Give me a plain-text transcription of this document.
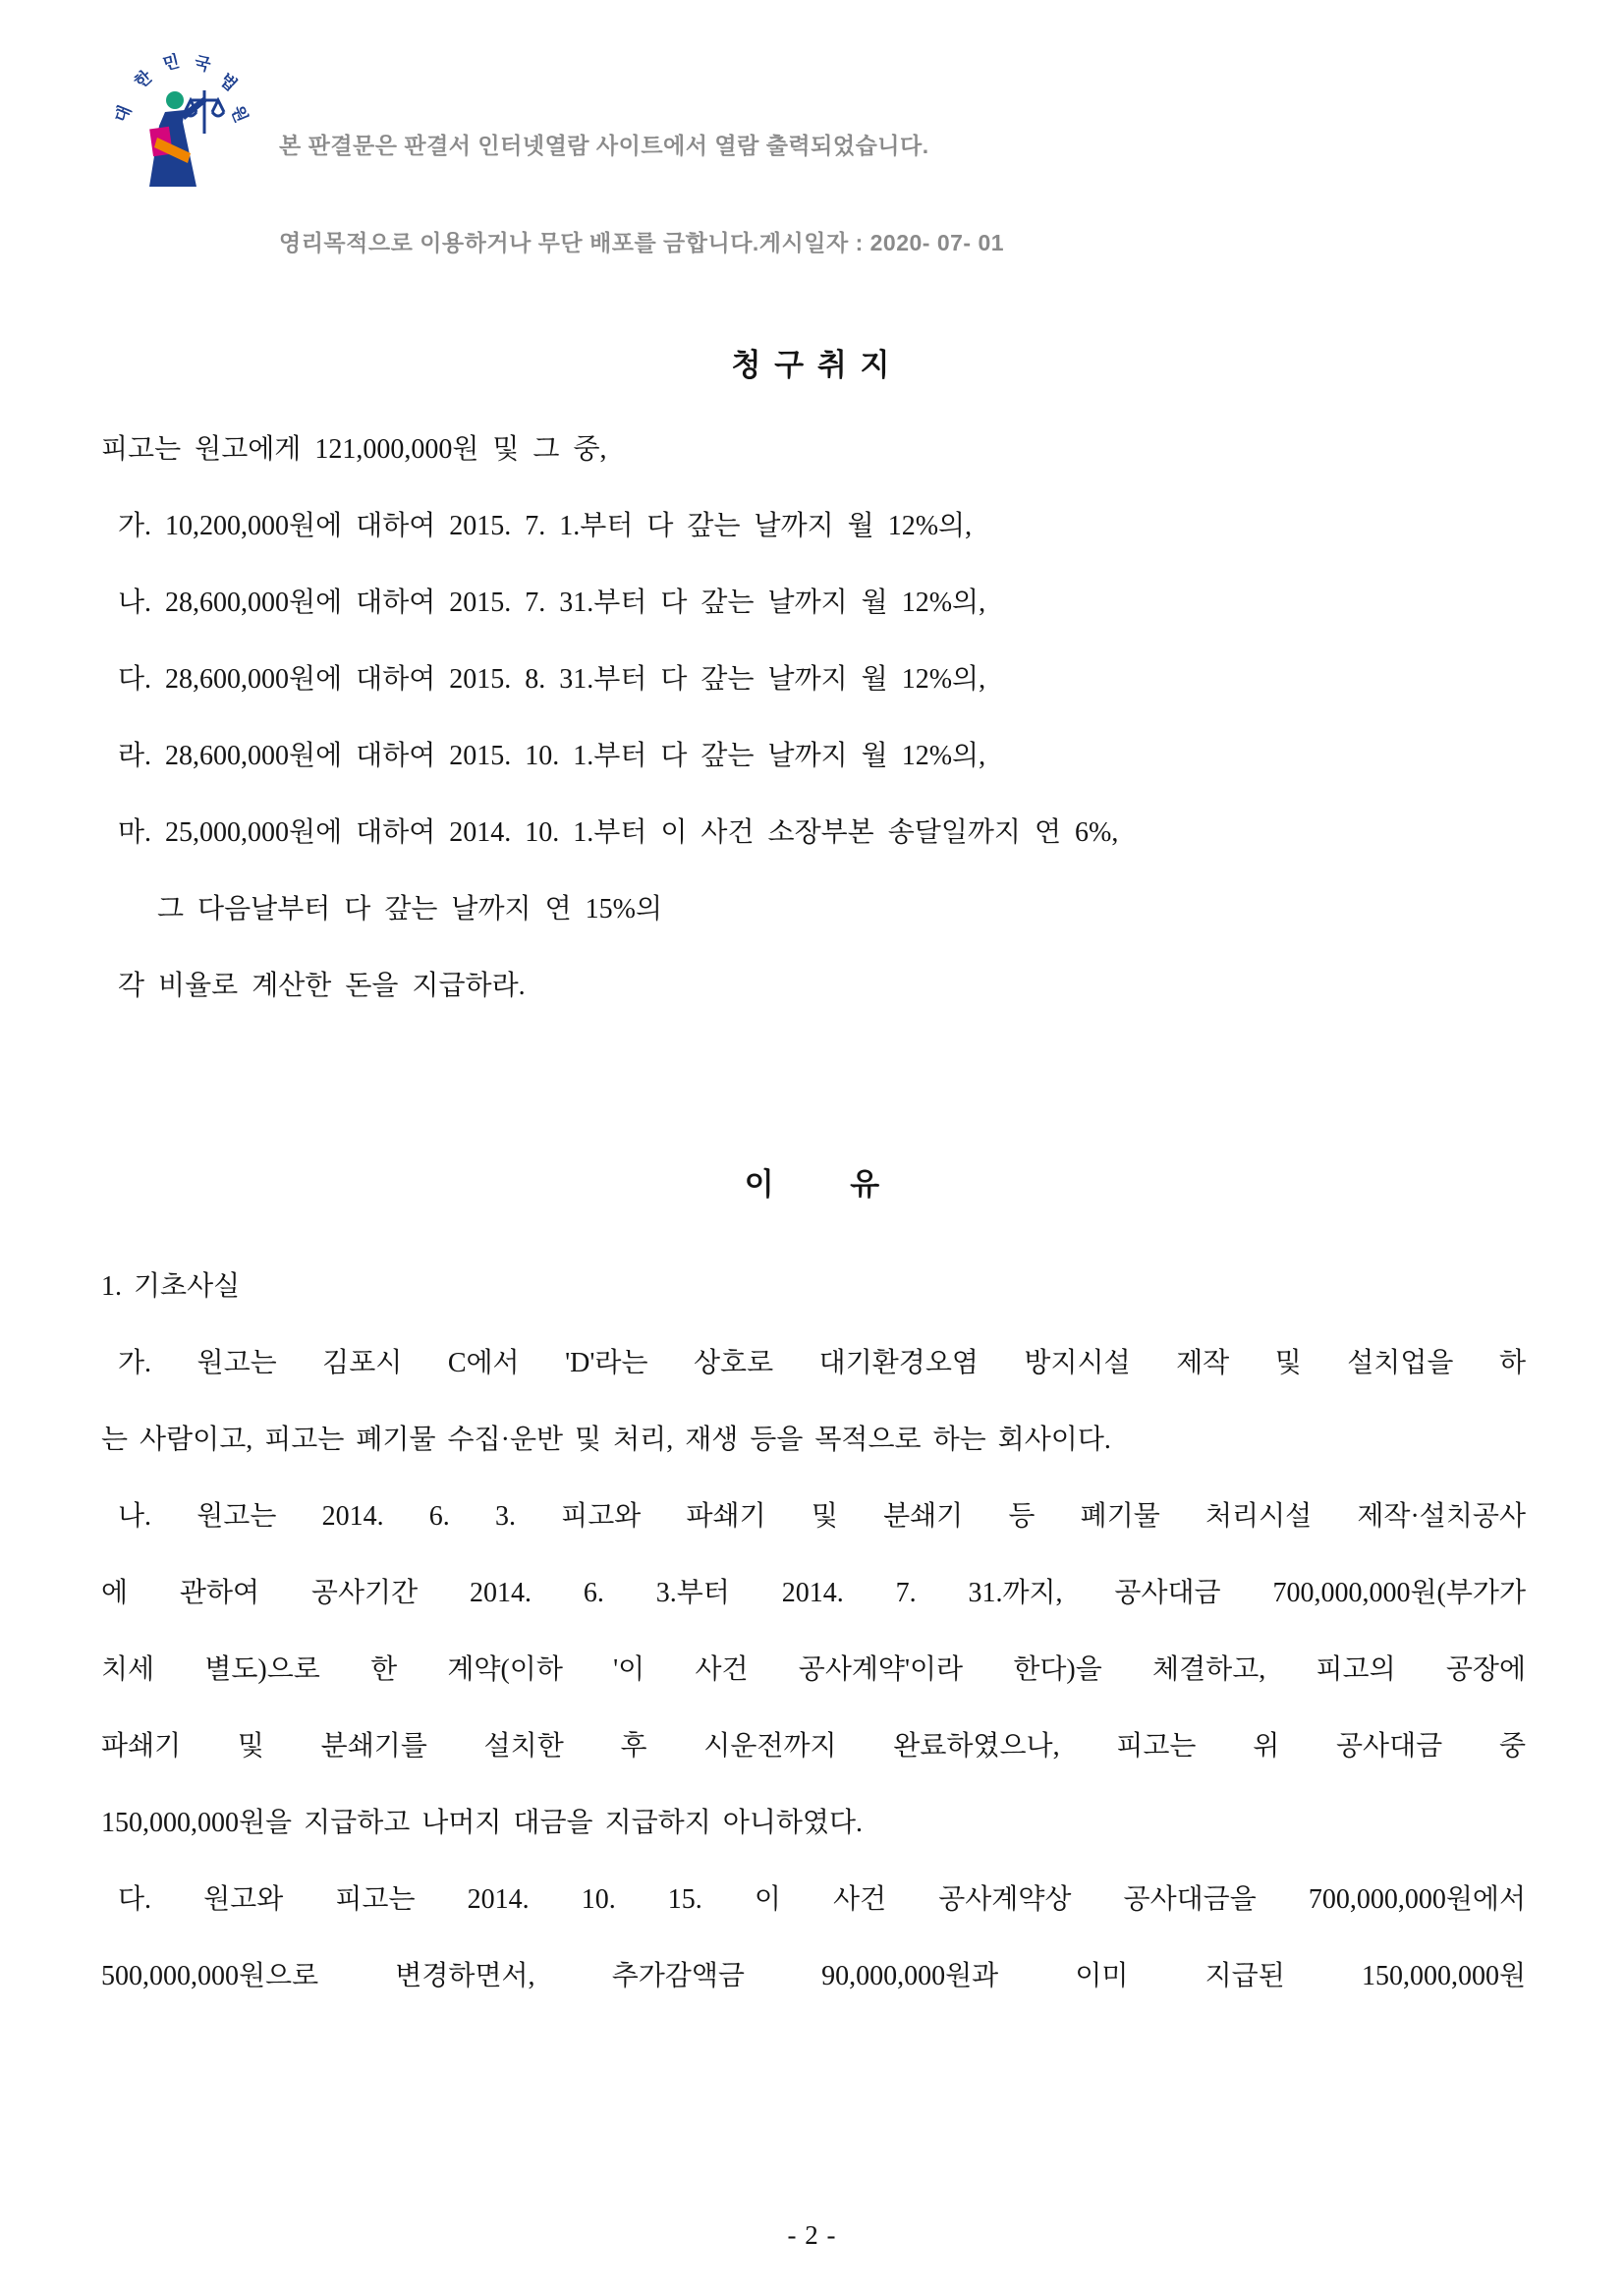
대
한
민 국
법
원

본 판결문은 판결서 인터넷열람 사이트에서 열람 출력되었습니다.

영리목적으로 이용하거나 무단 배포를 금합니다.게시일자 : 2020- 07- 01

청 구 취 지
피고는 원고에게 121,000,000원 및 그 중,
가. 10,200,000원에 대하여 2015. 7. 1.부터 다 갚는 날까지 월 12%의,
나. 28,600,000원에 대하여 2015. 7. 31.부터 다 갚는 날까지 월 12%의,
다. 28,600,000원에 대하여 2015. 8. 31.부터 다 갚는 날까지 월 12%의,
라. 28,600,000원에 대하여 2015. 10. 1.부터 다 갚는 날까지 월 12%의,
마. 25,000,000원에 대하여 2014. 10. 1.부터 이 사건 소장부본 송달일까지 연 6%,
그 다음날부터 다 갚는 날까지 연 15%의
각 비율로 계산한 돈을 지급하라.
이          유
1. 기초사실
가. 원고는 김포시 C에서 'D'라는 상호로 대기환경오염 방지시설 제작 및 설치업을 하
는 사람이고, 피고는 폐기물 수집·운반 및 처리, 재생 등을 목적으로 하는 회사이다.
나. 원고는 2014. 6. 3. 피고와 파쇄기 및 분쇄기 등 폐기물 처리시설 제작·설치공사
에 관하여 공사기간 2014. 6. 3.부터 2014. 7. 31.까지, 공사대금 700,000,000원(부가가
치세 별도)으로 한 계약(이하 '이 사건 공사계약'이라 한다)을 체결하고, 피고의 공장에
파쇄기 및 분쇄기를 설치한 후 시운전까지 완료하였으나, 피고는 위 공사대금 중
150,000,000원을 지급하고 나머지 대금을 지급하지 아니하였다.
다. 원고와 피고는 2014. 10. 15. 이 사건 공사계약상 공사대금을 700,000,000원에서
500,000,000원으로 변경하면서, 추가감액금 90,000,000원과 이미 지급된 150,000,000원
- 2 -
